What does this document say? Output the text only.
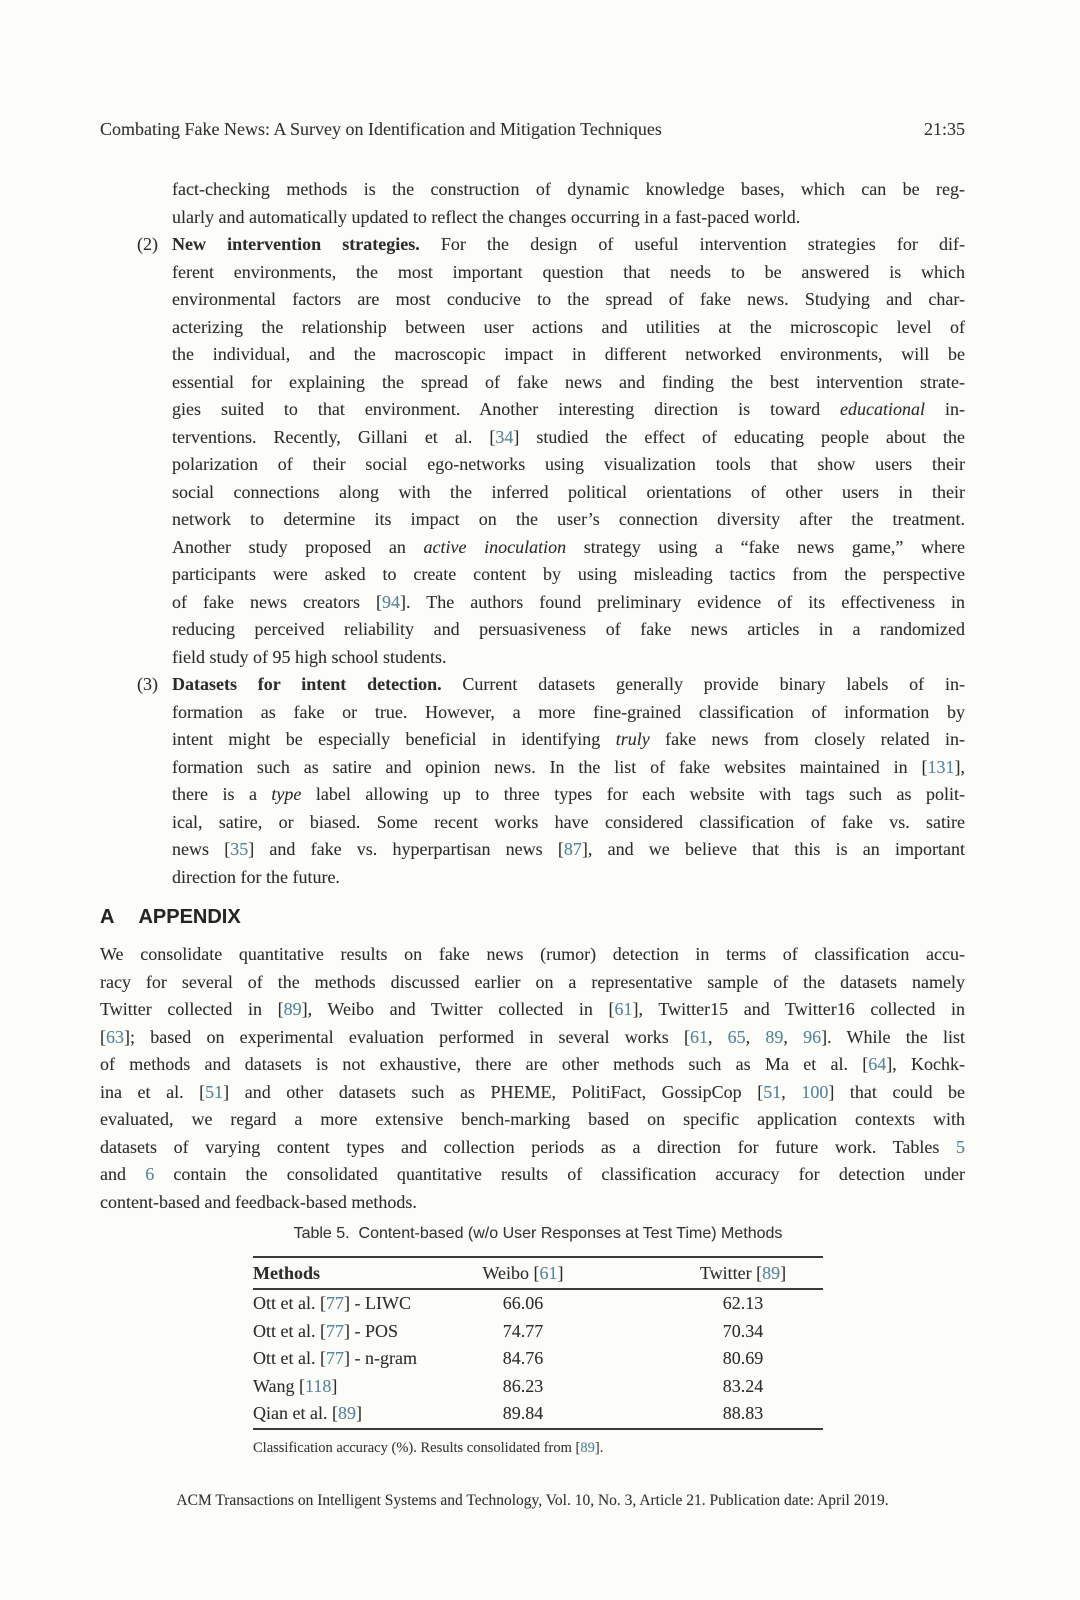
Combating Fake News: A Survey on Identification and Mitigation Techniques	21:35
fact-checking methods is the construction of dynamic knowledge bases, which can be reg-
ularly and automatically updated to reflect the changes occurring in a fast-paced world.
(2) New intervention strategies. For the design of useful intervention strategies for dif-
ferent environments, the most important question that needs to be answered is which
environmental factors are most conducive to the spread of fake news. Studying and char-
acterizing the relationship between user actions and utilities at the microscopic level of
the individual, and the macroscopic impact in different networked environments, will be
essential for explaining the spread of fake news and finding the best intervention strate-
gies suited to that environment. Another interesting direction is toward educational in-
terventions. Recently, Gillani et al. [34] studied the effect of educating people about the
polarization of their social ego-networks using visualization tools that show users their
social connections along with the inferred political orientations of other users in their
network to determine its impact on the user’s connection diversity after the treatment.
Another study proposed an active inoculation strategy using a “fake news game,” where
participants were asked to create content by using misleading tactics from the perspective
of fake news creators [94]. The authors found preliminary evidence of its effectiveness in
reducing perceived reliability and persuasiveness of fake news articles in a randomized
field study of 95 high school students.
(3) Datasets for intent detection. Current datasets generally provide binary labels of in-
formation as fake or true. However, a more fine-grained classification of information by
intent might be especially beneficial in identifying truly fake news from closely related in-
formation such as satire and opinion news. In the list of fake websites maintained in [131],
there is a type label allowing up to three types for each website with tags such as polit-
ical, satire, or biased. Some recent works have considered classification of fake vs. satire
news [35] and fake vs. hyperpartisan news [87], and we believe that this is an important
direction for the future.
A APPENDIX
We consolidate quantitative results on fake news (rumor) detection in terms of classification accu-
racy for several of the methods discussed earlier on a representative sample of the datasets namely
Twitter collected in [89], Weibo and Twitter collected in [61], Twitter15 and Twitter16 collected in
[63]; based on experimental evaluation performed in several works [61, 65, 89, 96]. While the list
of methods and datasets is not exhaustive, there are other methods such as Ma et al. [64], Kochk-
ina et al. [51] and other datasets such as PHEME, PolitiFact, GossipCop [51, 100] that could be
evaluated, we regard a more extensive bench-marking based on specific application contexts with
datasets of varying content types and collection periods as a direction for future work. Tables 5
and 6 contain the consolidated quantitative results of classification accuracy for detection under
content-based and feedback-based methods.
Table 5.  Content-based (w/o User Responses at Test Time) Methods
Methods	Weibo [61]	Twitter [89]
Ott et al. [77] - LIWC	66.06	62.13
Ott et al. [77] - POS	74.77	70.34
Ott et al. [77] - n-gram	84.76	80.69
Wang [118]	86.23	83.24
Qian et al. [89]	89.84	88.83
Classification accuracy (%). Results consolidated from [89].
ACM Transactions on Intelligent Systems and Technology, Vol. 10, No. 3, Article 21. Publication date: April 2019.
